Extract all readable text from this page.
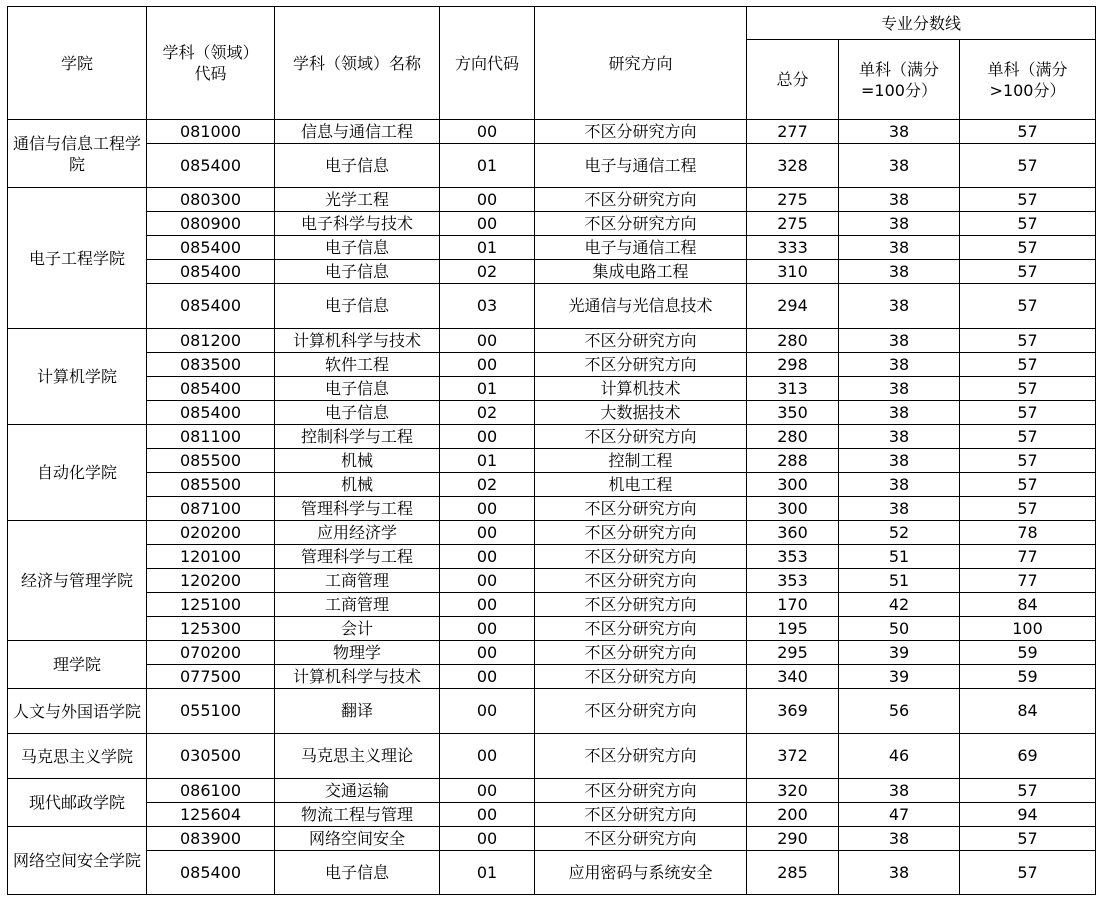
学院	学科（领域）代码	学科（领域）名称	方向代码	研究方向	专业分数线		
					总分	单科（满分=100分）	单科（满分>100分）
通信与信息工程学院	081000	信息与通信工程	00	不区分研究方向	277	38	57
	085400	电子信息	01	电子与通信工程	328	38	57
电子工程学院	080300	光学工程	00	不区分研究方向	275	38	57
	080900	电子科学与技术	00	不区分研究方向	275	38	57
	085400	电子信息	01	电子与通信工程	333	38	57
	085400	电子信息	02	集成电路工程	310	38	57
	085400	电子信息	03	光通信与光信息技术	294	38	57
计算机学院	081200	计算机科学与技术	00	不区分研究方向	280	38	57
	083500	软件工程	00	不区分研究方向	298	38	57
	085400	电子信息	01	计算机技术	313	38	57
	085400	电子信息	02	大数据技术	350	38	57
自动化学院	081100	控制科学与工程	00	不区分研究方向	280	38	57
	085500	机械	01	控制工程	288	38	57
	085500	机械	02	机电工程	300	38	57
	087100	管理科学与工程	00	不区分研究方向	300	38	57
经济与管理学院	020200	应用经济学	00	不区分研究方向	360	52	78
	120100	管理科学与工程	00	不区分研究方向	353	51	77
	120200	工商管理	00	不区分研究方向	353	51	77
	125100	工商管理	00	不区分研究方向	170	42	84
	125300	会计	00	不区分研究方向	195	50	100
理学院	070200	物理学	00	不区分研究方向	295	39	59
	077500	计算机科学与技术	00	不区分研究方向	340	39	59
人文与外国语学院	055100	翻译	00	不区分研究方向	369	56	84
马克思主义学院	030500	马克思主义理论	00	不区分研究方向	372	46	69
现代邮政学院	086100	交通运输	00	不区分研究方向	320	38	57
	125604	物流工程与管理	00	不区分研究方向	200	47	94
网络空间安全学院	083900	网络空间安全	00	不区分研究方向	290	38	57
	085400	电子信息	01	应用密码与系统安全	285	38	57
